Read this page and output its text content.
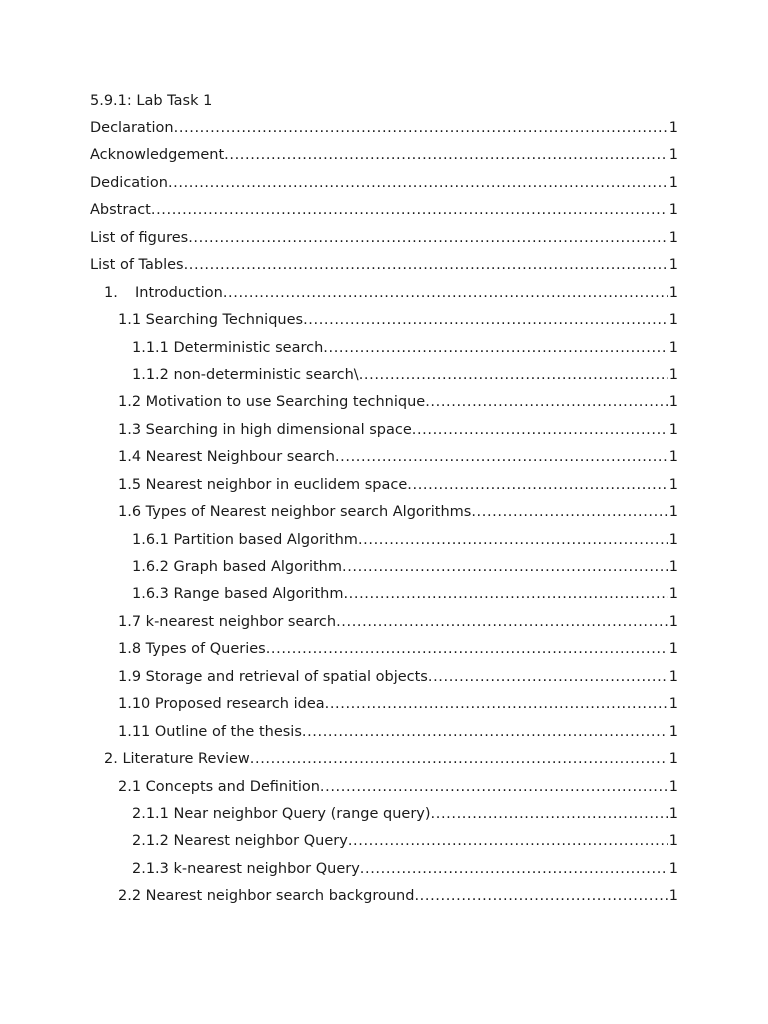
5.9.1: Lab Task 1
Declaration .....	1
Acknowledgement .....	1
Dedication .....	1
Abstract .....	1
List of figures .....	1
List of Tables .....	1
1. Introduction .....	1
1.1 Searching Techniques .....	1
1.1.1 Deterministic search .....	1
1.1.2 non-deterministic search\ .....	1
1.2 Motivation to use Searching technique .....	1
1.3 Searching in high dimensional space .....	1
1.4 Nearest Neighbour search .....	1
1.5 Nearest neighbor in euclidem space .....	1
1.6 Types of Nearest neighbor search Algorithms .....	1
1.6.1 Partition based Algorithm .....	1
1.6.2 Graph based Algorithm .....	1
1.6.3 Range based Algorithm .....	1
1.7 k-nearest neighbor search .....	1
1.8 Types of Queries .....	1
1.9 Storage and retrieval of spatial objects .....	1
1.10 Proposed research idea .....	1
1.11 Outline of the thesis .....	1
2. Literature Review .....	1
2.1 Concepts and Definition .....	1
2.1.1 Near neighbor Query (range query) .....	1
2.1.2 Nearest neighbor Query .....	1
2.1.3 k-nearest neighbor Query .....	1
2.2 Nearest neighbor search background .....	1
